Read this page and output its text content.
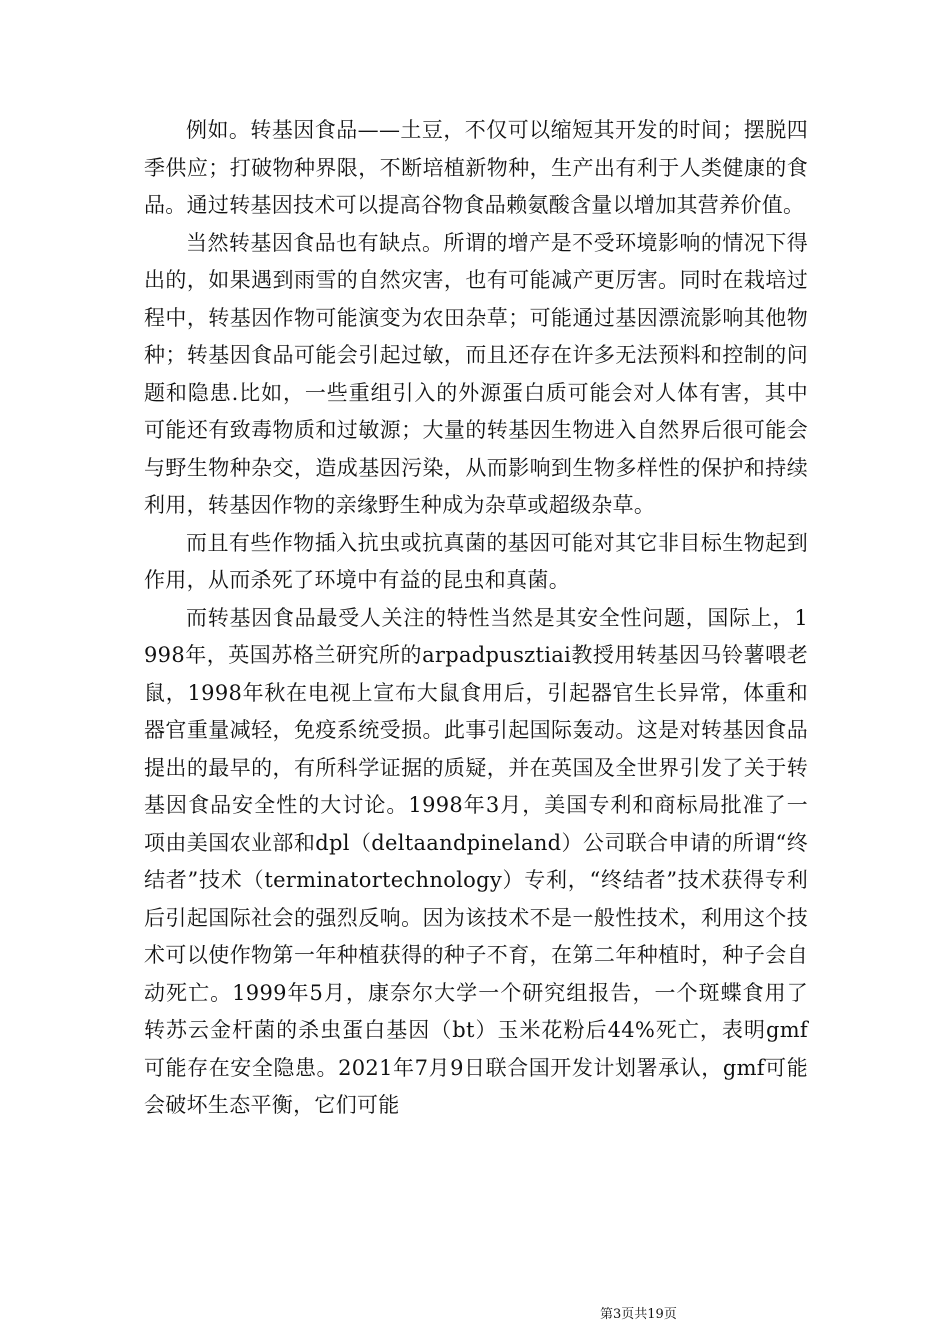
例如。转基因食品——土豆，不仅可以缩短其开发的时间；摆脱四季供应；打破物种界限，不断培植新物种，生产出有利于人类健康的食品。通过转基因技术可以提高谷物食品赖氨酸含量以增加其营养价值。

当然转基因食品也有缺点。所谓的增产是不受环境影响的情况下得出的，如果遇到雨雪的自然灾害，也有可能减产更厉害。同时在栽培过程中，转基因作物可能演变为农田杂草；可能通过基因漂流影响其他物种；转基因食品可能会引起过敏，而且还存在许多无法预料和控制的问题和隐患.比如，一些重组引入的外源蛋白质可能会对人体有害，其中可能还有致毒物质和过敏源；大量的转基因生物进入自然界后很可能会与野生物种杂交，造成基因污染，从而影响到生物多样性的保护和持续利用，转基因作物的亲缘野生种成为杂草或超级杂草。

而且有些作物插入抗虫或抗真菌的基因可能对其它非目标生物起到作用，从而杀死了环境中有益的昆虫和真菌。

而转基因食品最受人关注的特性当然是其安全性问题，国际上，1998年，英国苏格兰研究所的arpadpusztiai教授用转基因马铃薯喂老鼠，1998年秋在电视上宣布大鼠食用后，引起器官生长异常，体重和器官重量减轻，免疫系统受损。此事引起国际轰动。这是对转基因食品提出的最早的，有所科学证据的质疑，并在英国及全世界引发了关于转基因食品安全性的大讨论。1998年3月，美国专利和商标局批准了一项由美国农业部和dpl（deltaandpineland）公司联合申请的所谓“终结者”技术（terminatortechnology）专利，“终结者”技术获得专利后引起国际社会的强烈反响。因为该技术不是一般性技术，利用这个技术可以使作物第一年种植获得的种子不育，在第二年种植时，种子会自动死亡。1999年5月，康奈尔大学一个研究组报告，一个斑蝶食用了转苏云金杆菌的杀虫蛋白基因（bt）玉米花粉后44%死亡，表明gmf可能存在安全隐患。2021年7月9日联合国开发计划署承认，gmf可能会破坏生态平衡，它们可能

第3页共19页
